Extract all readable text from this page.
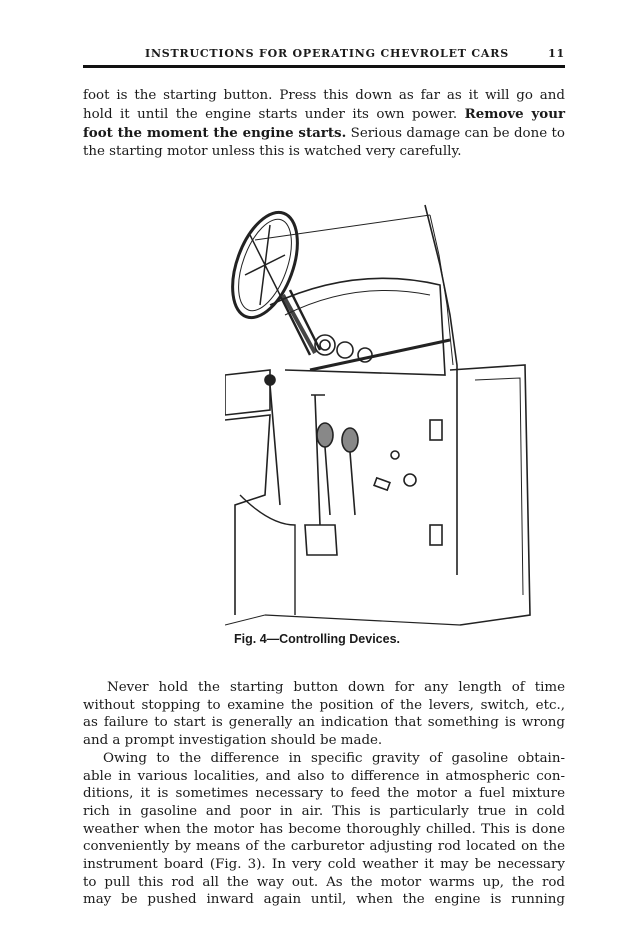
INSTRUCTIONS FOR OPERATING CHEVROLET CARS	11
foot is the starting button. Press this down as far as it will go and
hold it until the engine starts under its own power. Remove your
foot the moment the engine starts. Serious damage can be done to
the starting motor unless this is watched very carefully.
Fig. 4—Controlling Devices.
Never hold the starting button down for any length of time
without stopping to examine the position of the levers, switch, etc.,
as failure to start is generally an indication that something is wrong
and a prompt investigation should be made.
Owing to the difference in specific gravity of gasoline obtain-
able in various localities, and also to difference in atmospheric con-
ditions, it is sometimes necessary to feed the motor a fuel mixture
rich in gasoline and poor in air. This is particularly true in cold
weather when the motor has become thoroughly chilled. This is done
conveniently by means of the carburetor adjusting rod located on the
instrument board (Fig. 3). In very cold weather it may be necessary
to pull this rod all the way out. As the motor warms up, the rod
may be pushed inward again until, when the engine is running
